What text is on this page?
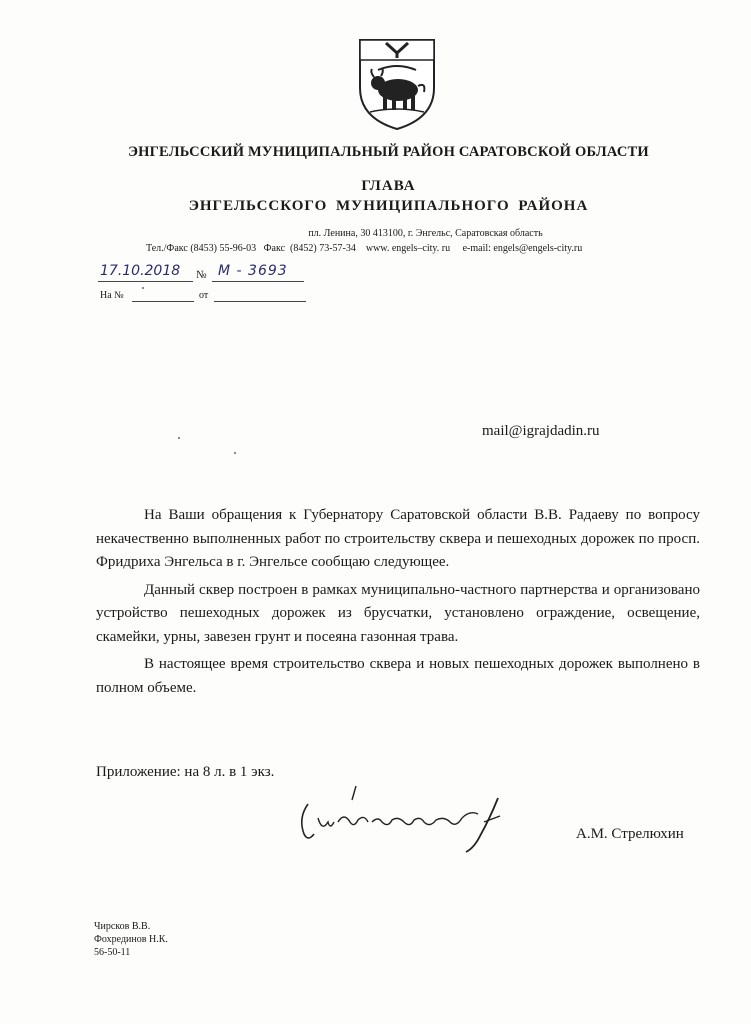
ЭНГЕЛЬССКИЙ МУНИЦИПАЛЬНЫЙ РАЙОН САРАТОВСКОЙ ОБЛАСТИ
ГЛАВА
ЭНГЕЛЬССКОГО МУНИЦИПАЛЬНОГО РАЙОНА
пл. Ленина, 30 413100, г. Энгельс, Саратовская область
Тел./Факс (8453) 55-96-03   Факс  (8452) 73-57-34    www. engels–city. ru     e-mail: engels@engels-city.ru
17.10.2018 № М - 3693
На №	от
mail@igrajdadin.ru

На Ваши обращения к Губернатору Саратовской области В.В. Радаеву по вопросу некачественно выполненных работ по строительству сквера и пешеходных дорожек по просп. Фридриха Энгельса в г. Энгельсе сообщаю следующее.

Данный сквер построен в рамках муниципально-частного партнерства и организовано устройство пешеходных дорожек из брусчатки, установлено ограждение, освещение, скамейки, урны, завезен грунт и посеяна газонная трава.

В настоящее время строительство сквера и новых пешеходных дорожек выполнено в полном объеме.

Приложение: на 8 л. в 1 экз.
А.М. Стрелюхин
Чирсков В.В.
Фохрединов Н.К.
56-50-11
